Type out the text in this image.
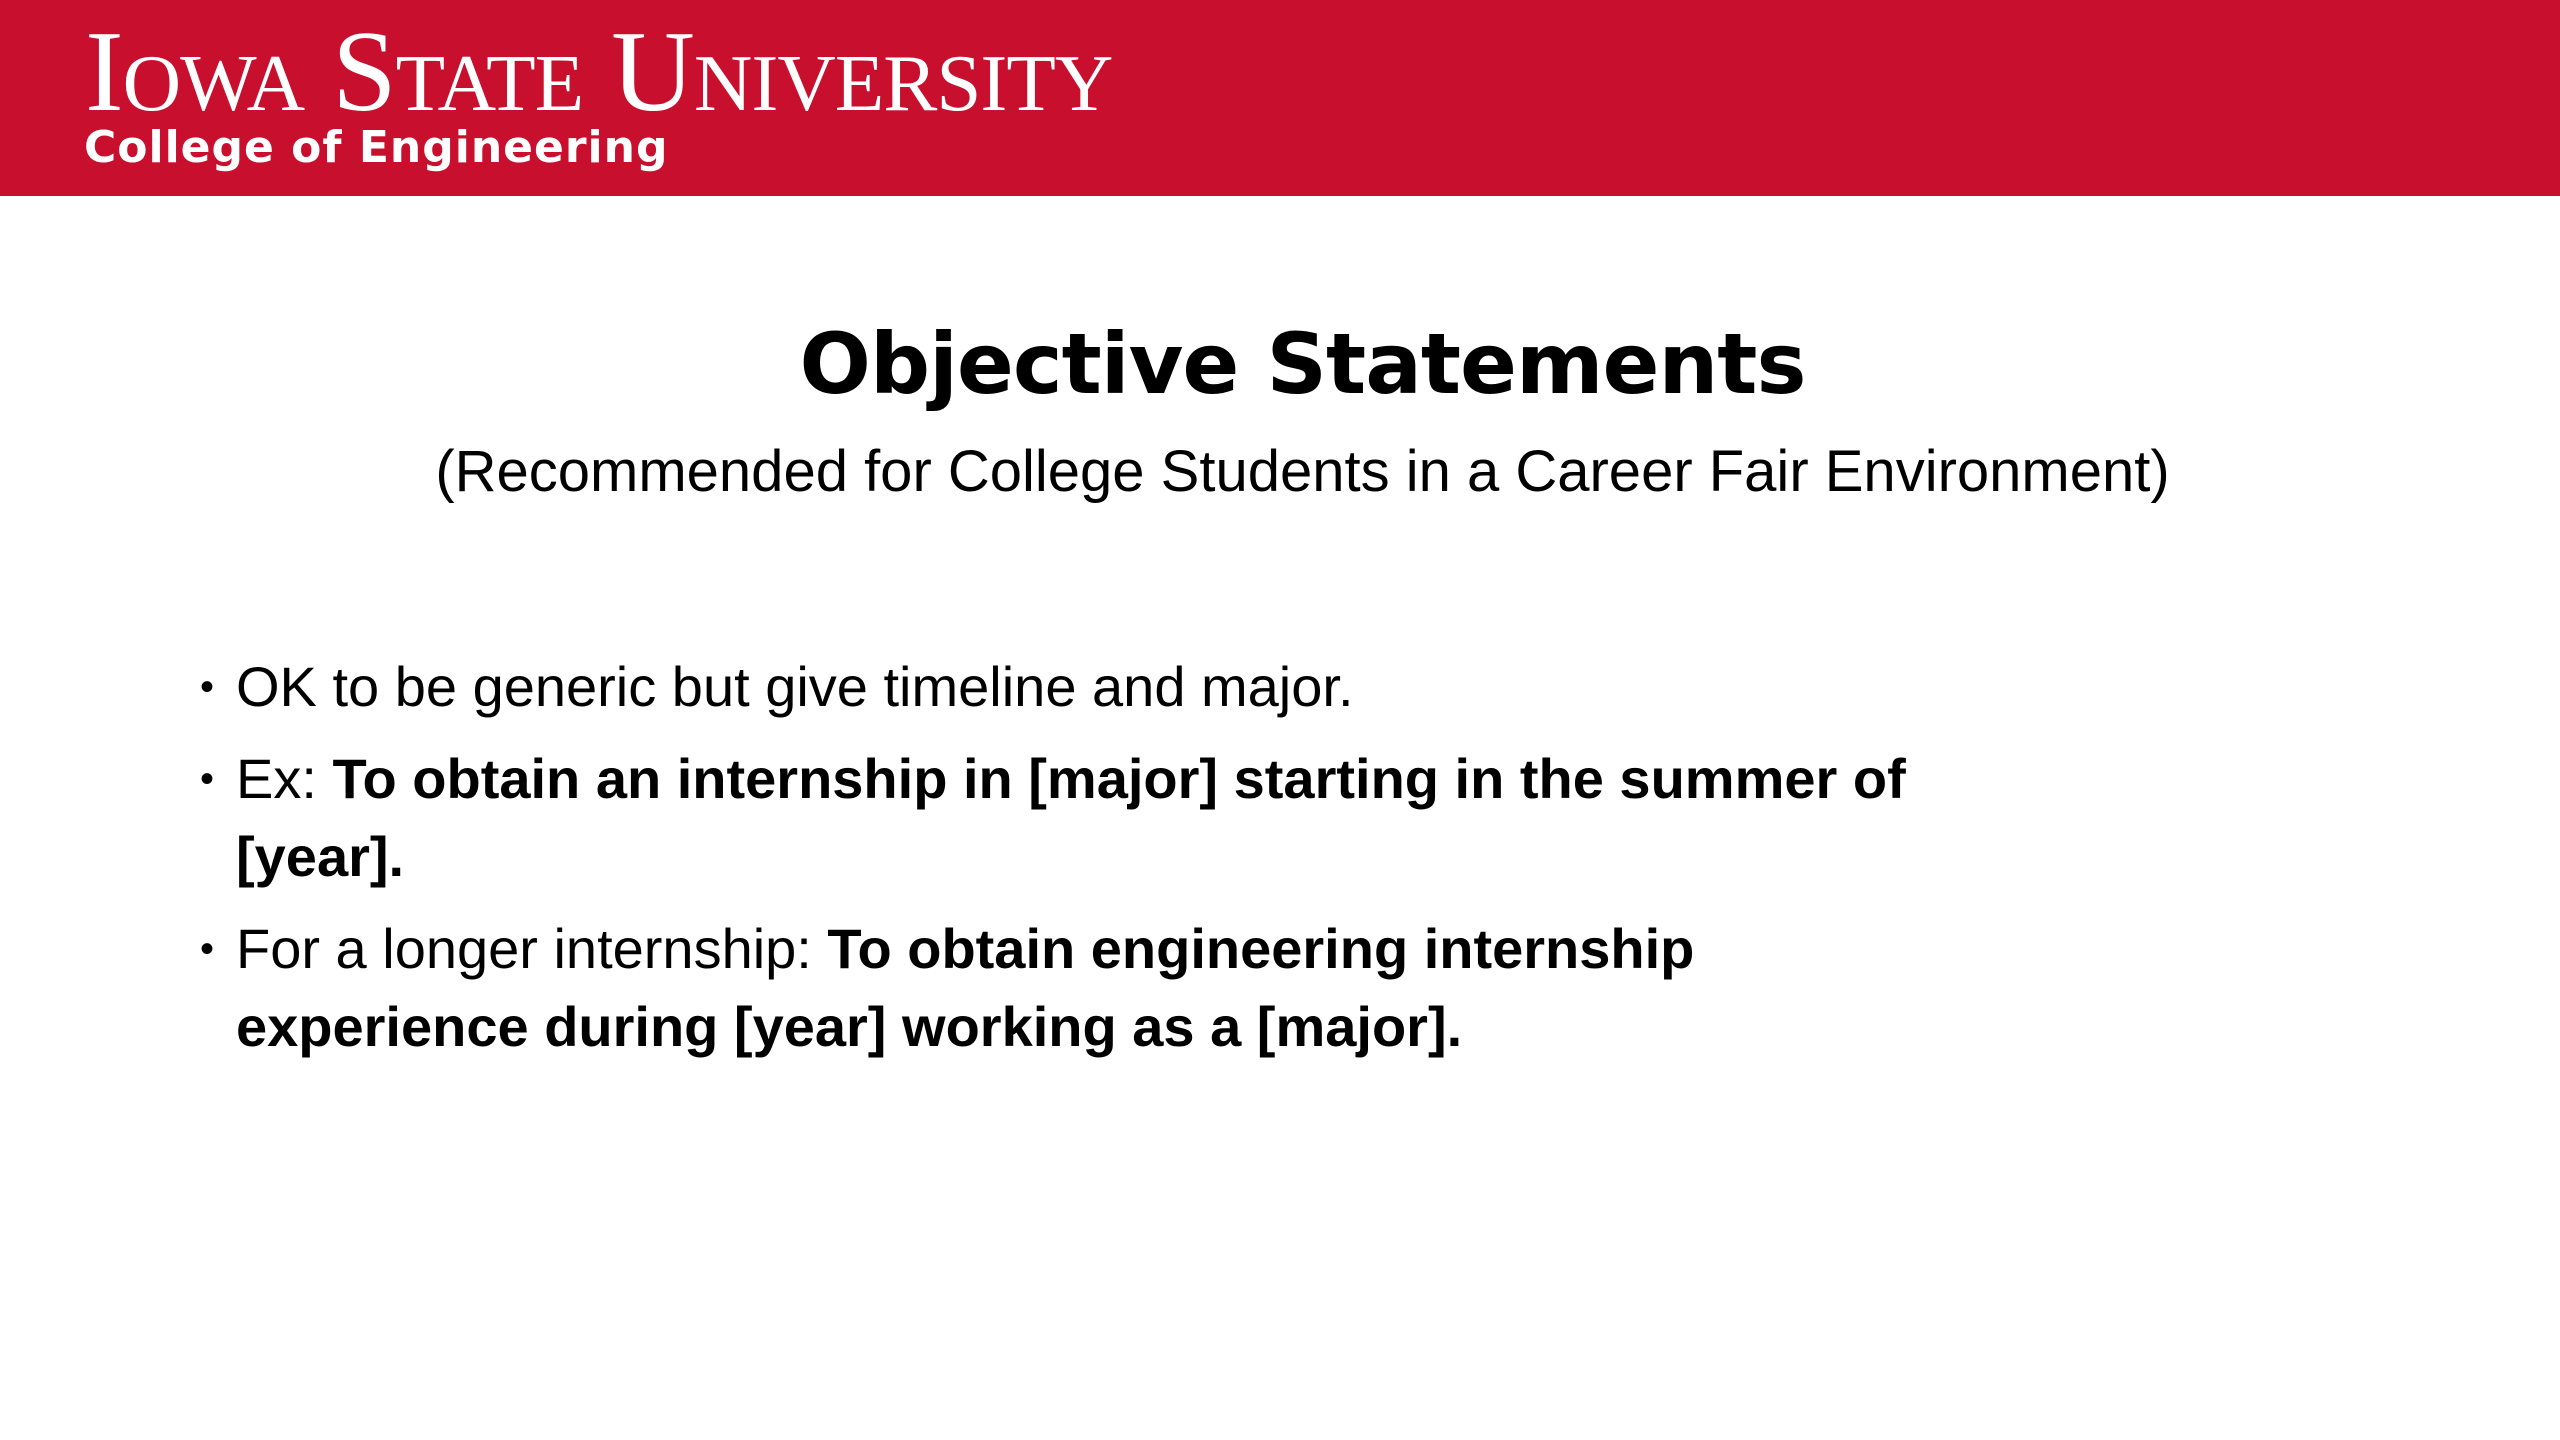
Iowa State University
College of Engineering
Objective Statements
(Recommended for College Students in a Career Fair Environment)
• OK to be generic but give timeline and major.
• Ex: To obtain an internship in [major] starting in the summer of
[year].
• For a longer internship: To obtain engineering internship
experience during [year] working as a [major].
